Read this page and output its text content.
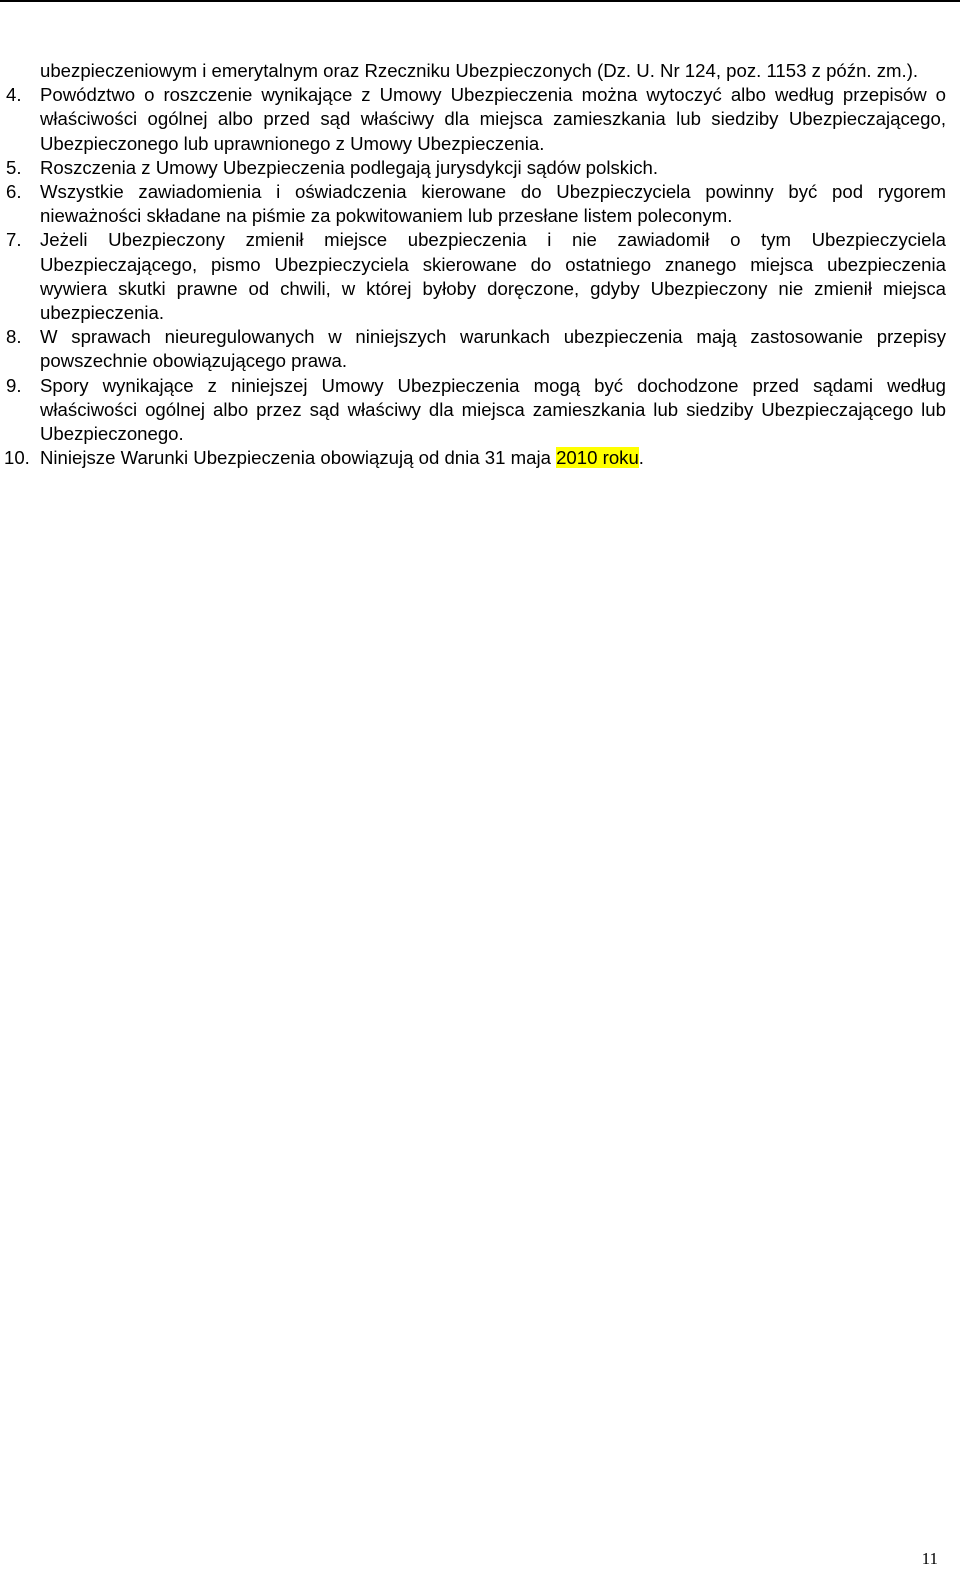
ubezpieczeniowym i emerytalnym oraz Rzeczniku Ubezpieczonych (Dz. U. Nr 124, poz. 1153 z późn. zm.).

4. Powództwo o roszczenie wynikające z Umowy Ubezpieczenia można wytoczyć albo według przepisów o właściwości ogólnej albo przed sąd właściwy dla miejsca zamieszkania lub siedziby Ubezpieczającego, Ubezpieczonego lub uprawnionego z Umowy Ubezpieczenia.
5. Roszczenia z Umowy Ubezpieczenia podlegają jurysdykcji sądów polskich.
6. Wszystkie zawiadomienia i oświadczenia kierowane do Ubezpieczyciela powinny być pod rygorem nieważności składane na piśmie za pokwitowaniem lub przesłane listem poleconym.
7. Jeżeli Ubezpieczony zmienił miejsce ubezpieczenia i nie zawiadomił o tym Ubezpieczyciela Ubezpieczającego, pismo Ubezpieczyciela skierowane do ostatniego znanego miejsca ubezpieczenia wywiera skutki prawne od chwili, w której byłoby doręczone, gdyby Ubezpieczony nie zmienił miejsca ubezpieczenia.
8. W sprawach nieuregulowanych w niniejszych warunkach ubezpieczenia mają zastosowanie przepisy powszechnie obowiązującego prawa.
9. Spory wynikające z niniejszej Umowy Ubezpieczenia mogą być dochodzone przed sądami według właściwości ogólnej albo przez sąd właściwy dla miejsca zamieszkania lub siedziby Ubezpieczającego lub Ubezpieczonego.
10. Niniejsze Warunki Ubezpieczenia obowiązują od dnia 31 maja 2010 roku.
11
